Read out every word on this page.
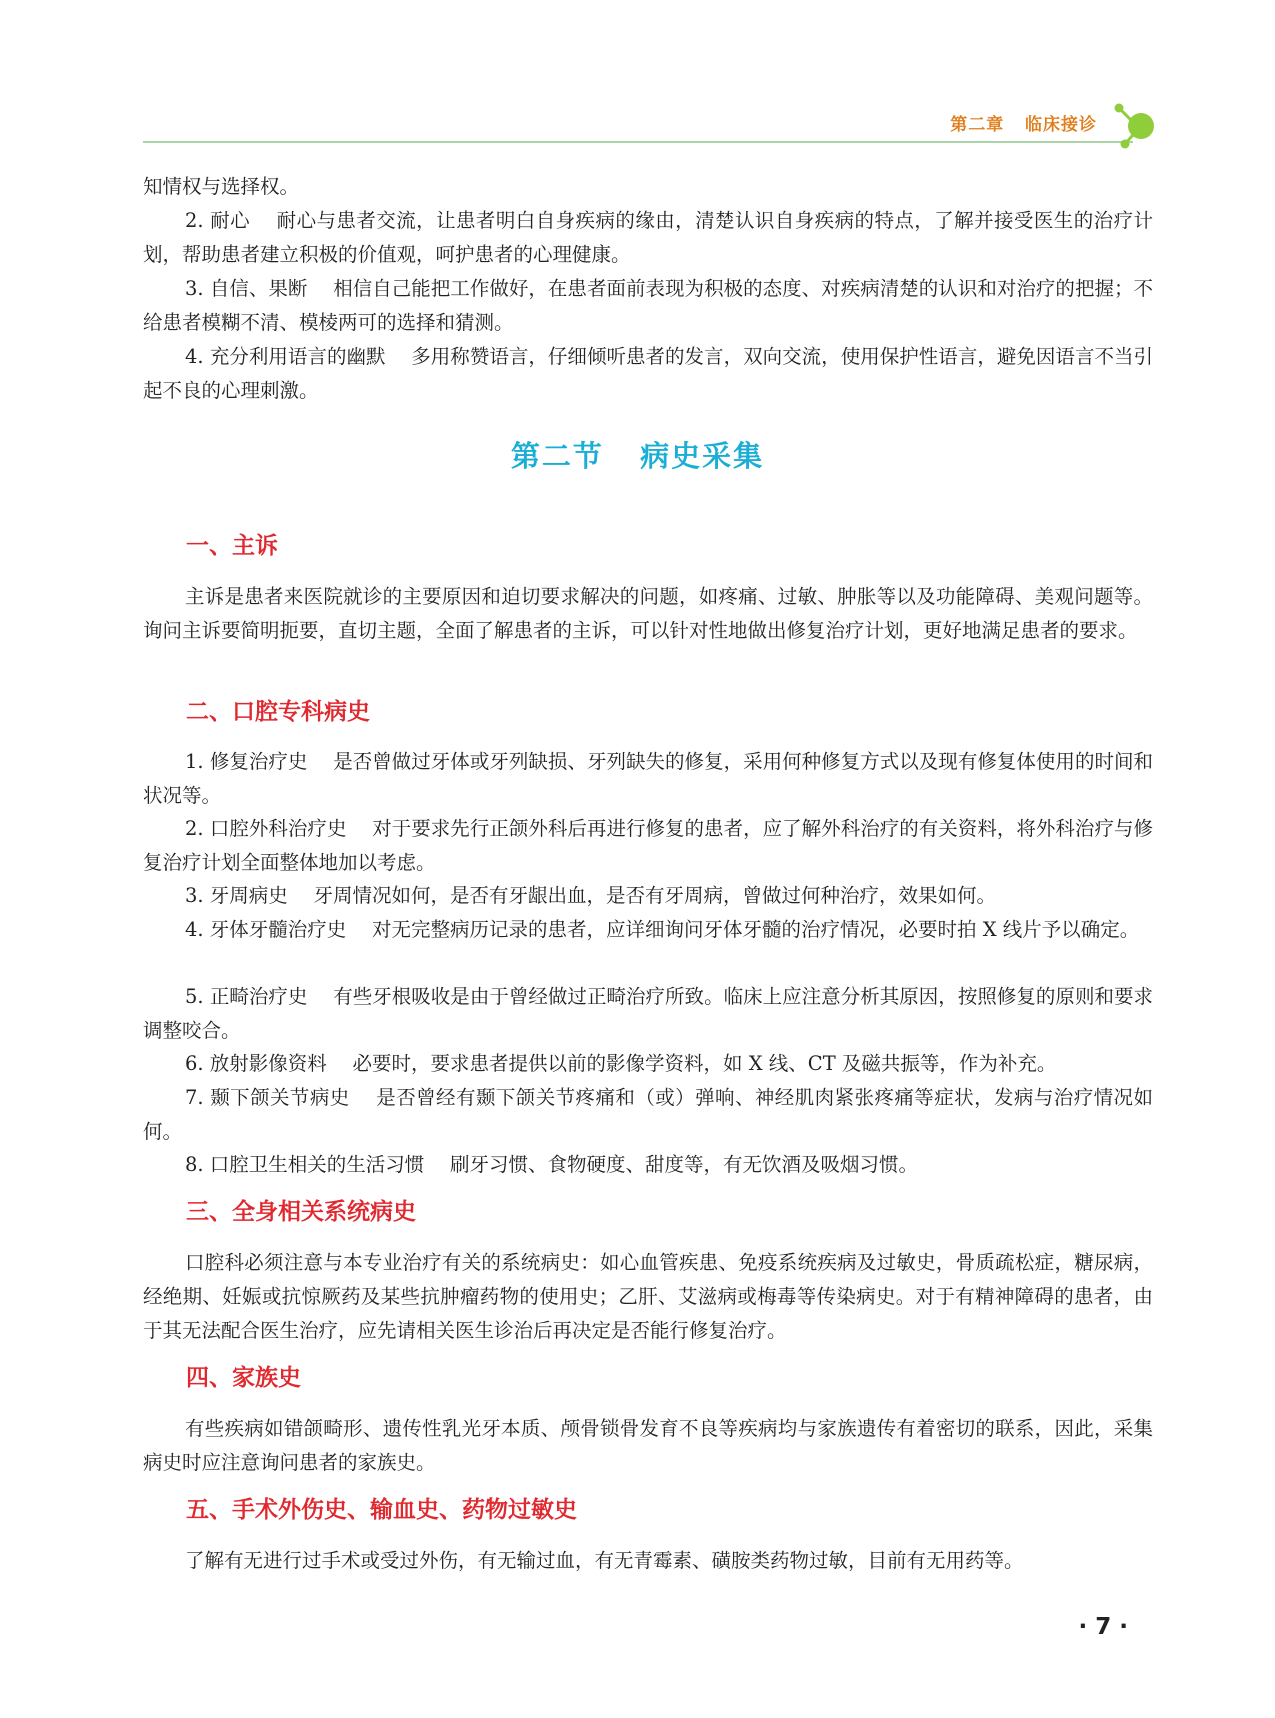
第二章   临床接诊

知情权与选择权。

2. 耐心　 耐心与患者交流，让患者明白自身疾病的缘由，清楚认识自身疾病的特点，了解并接受医生的治疗计划，帮助患者建立积极的价值观，呵护患者的心理健康。

3. 自信、果断　 相信自己能把工作做好，在患者面前表现为积极的态度、对疾病清楚的认识和对治疗的把握；不给患者模糊不清、模棱两可的选择和猜测。

4. 充分利用语言的幽默　 多用称赞语言，仔细倾听患者的发言，双向交流，使用保护性语言，避免因语言不当引起不良的心理刺激。

第二节   病史采集
一、主诉

主诉是患者来医院就诊的主要原因和迫切要求解决的问题，如疼痛、过敏、肿胀等以及功能障碍、美观问题等。询问主诉要简明扼要，直切主题，全面了解患者的主诉，可以针对性地做出修复治疗计划，更好地满足患者的要求。

二、口腔专科病史

1. 修复治疗史　 是否曾做过牙体或牙列缺损、牙列缺失的修复，采用何种修复方式以及现有修复体使用的时间和状况等。

2. 口腔外科治疗史　 对于要求先行正颌外科后再进行修复的患者，应了解外科治疗的有关资料，将外科治疗与修复治疗计划全面整体地加以考虑。

3. 牙周病史　 牙周情况如何，是否有牙龈出血，是否有牙周病，曾做过何种治疗，效果如何。

4. 牙体牙髓治疗史　 对无完整病历记录的患者，应详细询问牙体牙髓的治疗情况，必要时拍 X 线片予以确定。

5. 正畸治疗史　 有些牙根吸收是由于曾经做过正畸治疗所致。临床上应注意分析其原因，按照修复的原则和要求调整咬合。

6. 放射影像资料　 必要时，要求患者提供以前的影像学资料，如 X 线、CT 及磁共振等，作为补充。

7. 颞下颌关节病史　 是否曾经有颞下颌关节疼痛和（或）弹响、神经肌肉紧张疼痛等症状，发病与治疗情况如何。

8. 口腔卫生相关的生活习惯　 刷牙习惯、食物硬度、甜度等，有无饮酒及吸烟习惯。

三、全身相关系统病史

口腔科必须注意与本专业治疗有关的系统病史：如心血管疾患、免疫系统疾病及过敏史，骨质疏松症，糖尿病，经绝期、妊娠或抗惊厥药及某些抗肿瘤药物的使用史；乙肝、艾滋病或梅毒等传染病史。对于有精神障碍的患者，由于其无法配合医生治疗，应先请相关医生诊治后再决定是否能行修复治疗。

四、家族史

有些疾病如错颌畸形、遗传性乳光牙本质、颅骨锁骨发育不良等疾病均与家族遗传有着密切的联系，因此，采集病史时应注意询问患者的家族史。

五、手术外伤史、输血史、药物过敏史

了解有无进行过手术或受过外伤，有无输过血，有无青霉素、磺胺类药物过敏，目前有无用药等。

· 7 ·
